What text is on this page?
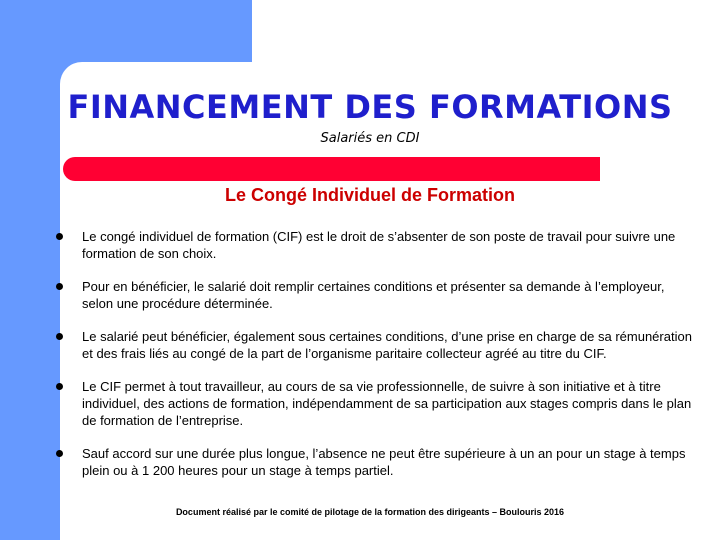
FINANCEMENT DES FORMATIONS

Salariés en CDI

Le Congé Individuel de Formation
Le congé individuel de formation (CIF) est le droit de s’absenter de son poste de travail pour suivre une formation de son choix.
Pour en bénéficier, le salarié doit remplir certaines conditions et présenter sa demande à l’employeur, selon une procédure déterminée.
Le salarié peut bénéficier, également sous certaines conditions, d’une prise en charge de sa rémunération et des frais liés au congé de la part de l’organisme paritaire collecteur agréé au titre du CIF.
Le CIF permet à tout travailleur, au cours de sa vie professionnelle, de suivre à son initiative et à titre individuel, des actions de formation, indépendamment de sa participation aux stages compris dans le plan de formation de l’entreprise.
Sauf accord sur une durée plus longue, l’absence ne peut être supérieure à un an pour un stage à temps plein ou à 1 200 heures pour un stage à temps partiel.

Document réalisé par le comité de pilotage de la formation des dirigeants – Boulouris 2016
